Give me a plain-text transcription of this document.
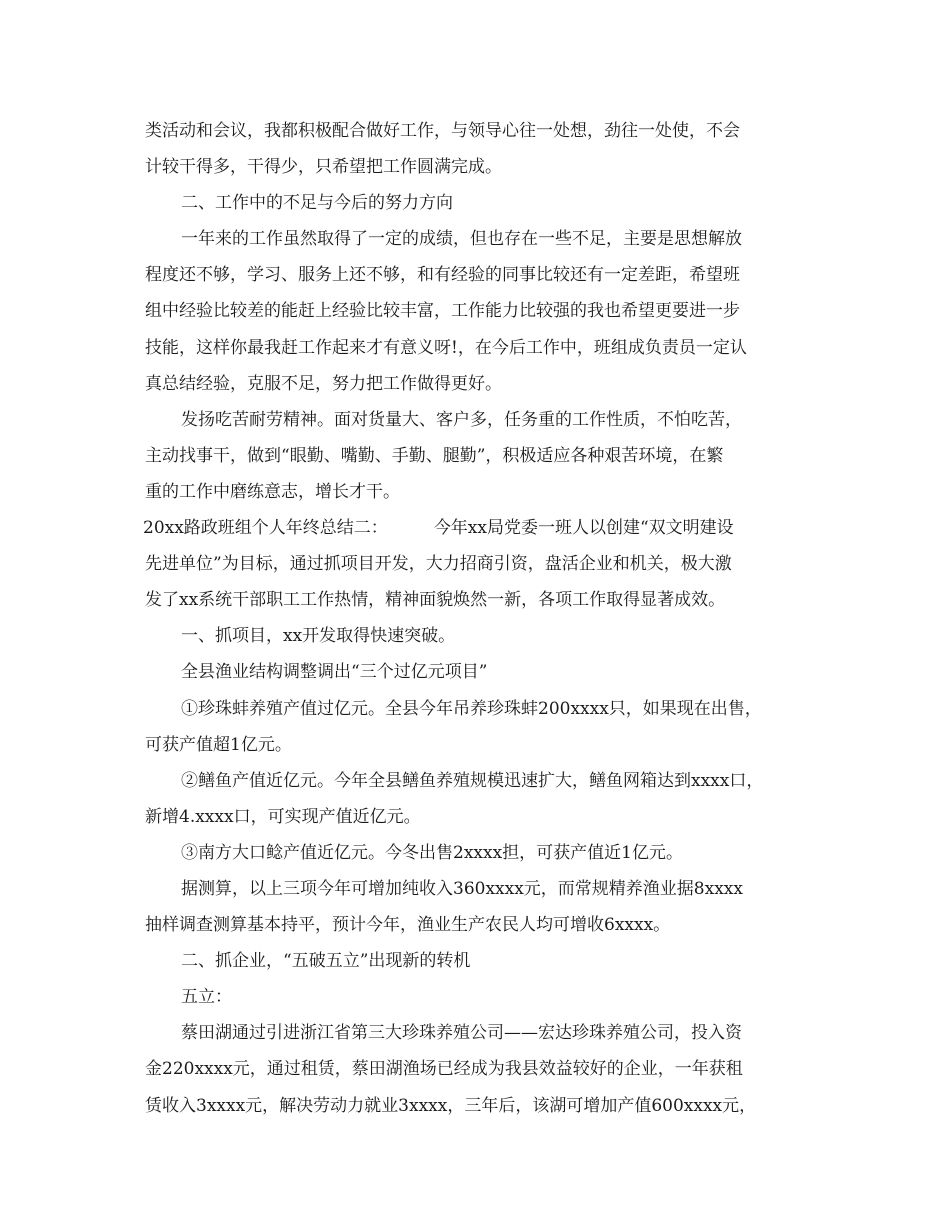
类活动和会议，我都积极配合做好工作，与领导心往一处想，劲往一处使，不会
计较干得多，干得少，只希望把工作圆满完成。
二、工作中的不足与今后的努力方向
一年来的工作虽然取得了一定的成绩，但也存在一些不足，主要是思想解放
程度还不够，学习、服务上还不够，和有经验的同事比较还有一定差距，希望班
组中经验比较差的能赶上经验比较丰富，工作能力比较强的我也希望更要进一步
技能，这样你最我赶工作起来才有意义呀!，在今后工作中，班组成负责员一定认
真总结经验，克服不足，努力把工作做得更好。
发扬吃苦耐劳精神。面对货量大、客户多，任务重的工作性质，不怕吃苦，
主动找事干，做到“眼勤、嘴勤、手勤、腿勤”，积极适应各种艰苦环境，在繁
重的工作中磨练意志，增长才干。
20xx路政班组个人年终总结二：	今年xx局党委一班人以创建“双文明建设
先进单位”为目标，通过抓项目开发，大力招商引资，盘活企业和机关，极大激
发了xx系统干部职工工作热情，精神面貌焕然一新，各项工作取得显著成效。
一、抓项目，xx开发取得快速突破。
全县渔业结构调整调出“三个过亿元项目”
①珍珠蚌养殖产值过亿元。全县今年吊养珍珠蚌200xxxx只，如果现在出售，
可获产值超1亿元。
②鳝鱼产值近亿元。今年全县鳝鱼养殖规模迅速扩大，鳝鱼网箱达到xxxx口，
新增4.xxxx口，可实现产值近亿元。
③南方大口鲶产值近亿元。今冬出售2xxxx担，可获产值近1亿元。
据测算，以上三项今年可增加纯收入360xxxx元，而常规精养渔业据8xxxx
抽样调查测算基本持平，预计今年，渔业生产农民人均可增收6xxxx。
二、抓企业，“五破五立”出现新的转机
五立：
蔡田湖通过引进浙江省第三大珍珠养殖公司——宏达珍珠养殖公司，投入资
金220xxxx元，通过租赁，蔡田湖渔场已经成为我县效益较好的企业，一年获租
赁收入3xxxx元，解决劳动力就业3xxxx，三年后，该湖可增加产值600xxxx元，
